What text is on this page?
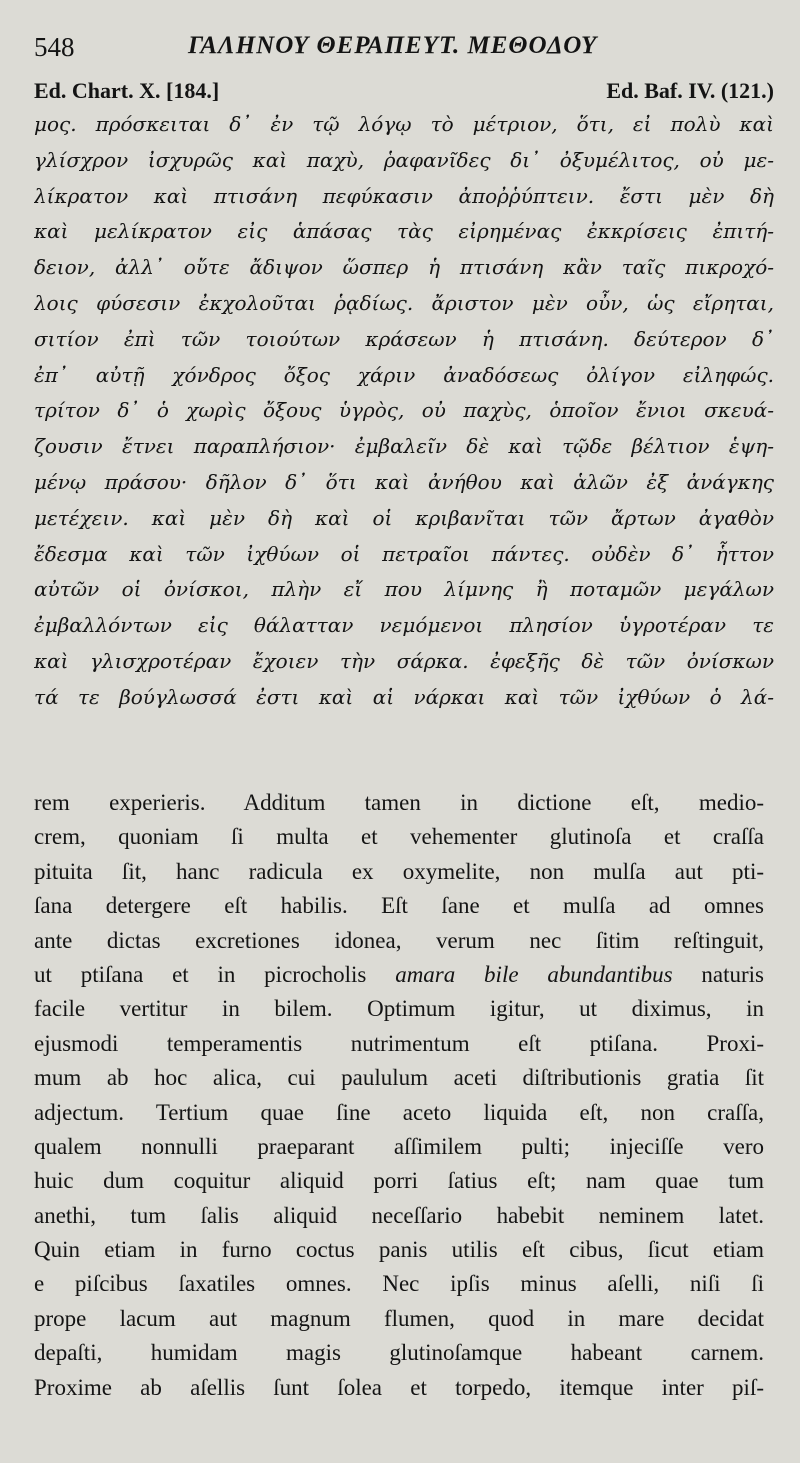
548	ΓΑΛΗΝΟΥ ΘΕΡΑΠΕΥΤ. ΜΕΘΟΔΟΥ
Ed. Chart. X. [184.]	Ed. Baf. IV. (121.)
μος. πρόσκειται δ᾽ ἐν τῷ λόγῳ τὸ μέτριον, ὅτι, εἰ πολὺ καὶ
γλίσχρον ἰσχυρῶς καὶ παχὺ, ῥαφανῖδες δι᾽ ὀξυμέλιτος, οὐ με-
λίκρατον καὶ πτισάνη πεφύκασιν ἀποῤῥύπτειν. ἔστι μὲν δὴ
καὶ μελίκρατον εἰς ἁπάσας τὰς εἰρημένας ἐκκρίσεις ἐπιτή-
δειον, ἀλλ᾽ οὔτε ἄδιψον ὥσπερ ἡ πτισάνη κἂν ταῖς πικροχό-
λοις φύσεσιν ἐκχολοῦται ῥᾳδίως. ἄριστον μὲν οὖν, ὡς εἴρηται,
σιτίον ἐπὶ τῶν τοιούτων κράσεων ἡ πτισάνη. δεύτερον δ᾽
ἐπ᾽ αὐτῇ χόνδρος ὄξος χάριν ἀναδόσεως ὀλίγον εἰληφώς.
τρίτον δ᾽ ὁ χωρὶς ὄξους ὑγρὸς, οὐ παχὺς, ὁποῖον ἔνιοι σκευά-
ζουσιν ἔτνει παραπλήσιον· ἐμβαλεῖν δὲ καὶ τῷδε βέλτιον ἑψη-
μένῳ πράσου· δῆλον δ᾽ ὅτι καὶ ἀνήθου καὶ ἁλῶν ἐξ ἀνάγκης
μετέχειν. καὶ μὲν δὴ καὶ οἱ κριβανῖται τῶν ἄρτων ἀγαθὸν
ἔδεσμα καὶ τῶν ἰχθύων οἱ πετραῖοι πάντες. οὐδὲν δ᾽ ἧττον
αὐτῶν οἱ ὀνίσκοι, πλὴν εἴ που λίμνης ἢ ποταμῶν μεγάλων
ἐμβαλλόντων εἰς θάλατταν νεμόμενοι πλησίον ὑγροτέραν τε
καὶ γλισχροτέραν ἔχοιεν τὴν σάρκα. ἐφεξῆς δὲ τῶν ὀνίσκων
τά τε βούγλωσσά ἐστι καὶ αἱ νάρκαι καὶ τῶν ἰχθύων ὁ λά-
rem experieris. Additum tamen in dictione eſt, medio-
crem, quoniam ſi multa et vehementer glutinoſa et craſſa
pituita ſit, hanc radicula ex oxymelite, non mulſa aut pti-
ſana detergere eſt habilis. Eſt ſane et mulſa ad omnes
ante dictas excretiones idonea, verum nec ſitim reſtinguit,
ut ptiſana et in picrocholis amara bile abundantibus naturis
facile vertitur in bilem. Optimum igitur, ut diximus, in
ejusmodi temperamentis nutrimentum eſt ptiſana. Proxi-
mum ab hoc alica, cui paululum aceti diſtributionis gratia ſit
adjectum. Tertium quae ſine aceto liquida eſt, non craſſa,
qualem nonnulli praeparant aſſimilem pulti; injeciſſe vero
huic dum coquitur aliquid porri ſatius eſt; nam quae tum
anethi, tum ſalis aliquid neceſſario habebit neminem latet.
Quin etiam in furno coctus panis utilis eſt cibus, ſicut etiam
e piſcibus ſaxatiles omnes. Nec ipſis minus aſelli, niſi ſi
prope lacum aut magnum flumen, quod in mare decidat
depaſti, humidam magis glutinoſamque habeant carnem.
Proxime ab aſellis ſunt ſolea et torpedo, itemque inter piſ-
